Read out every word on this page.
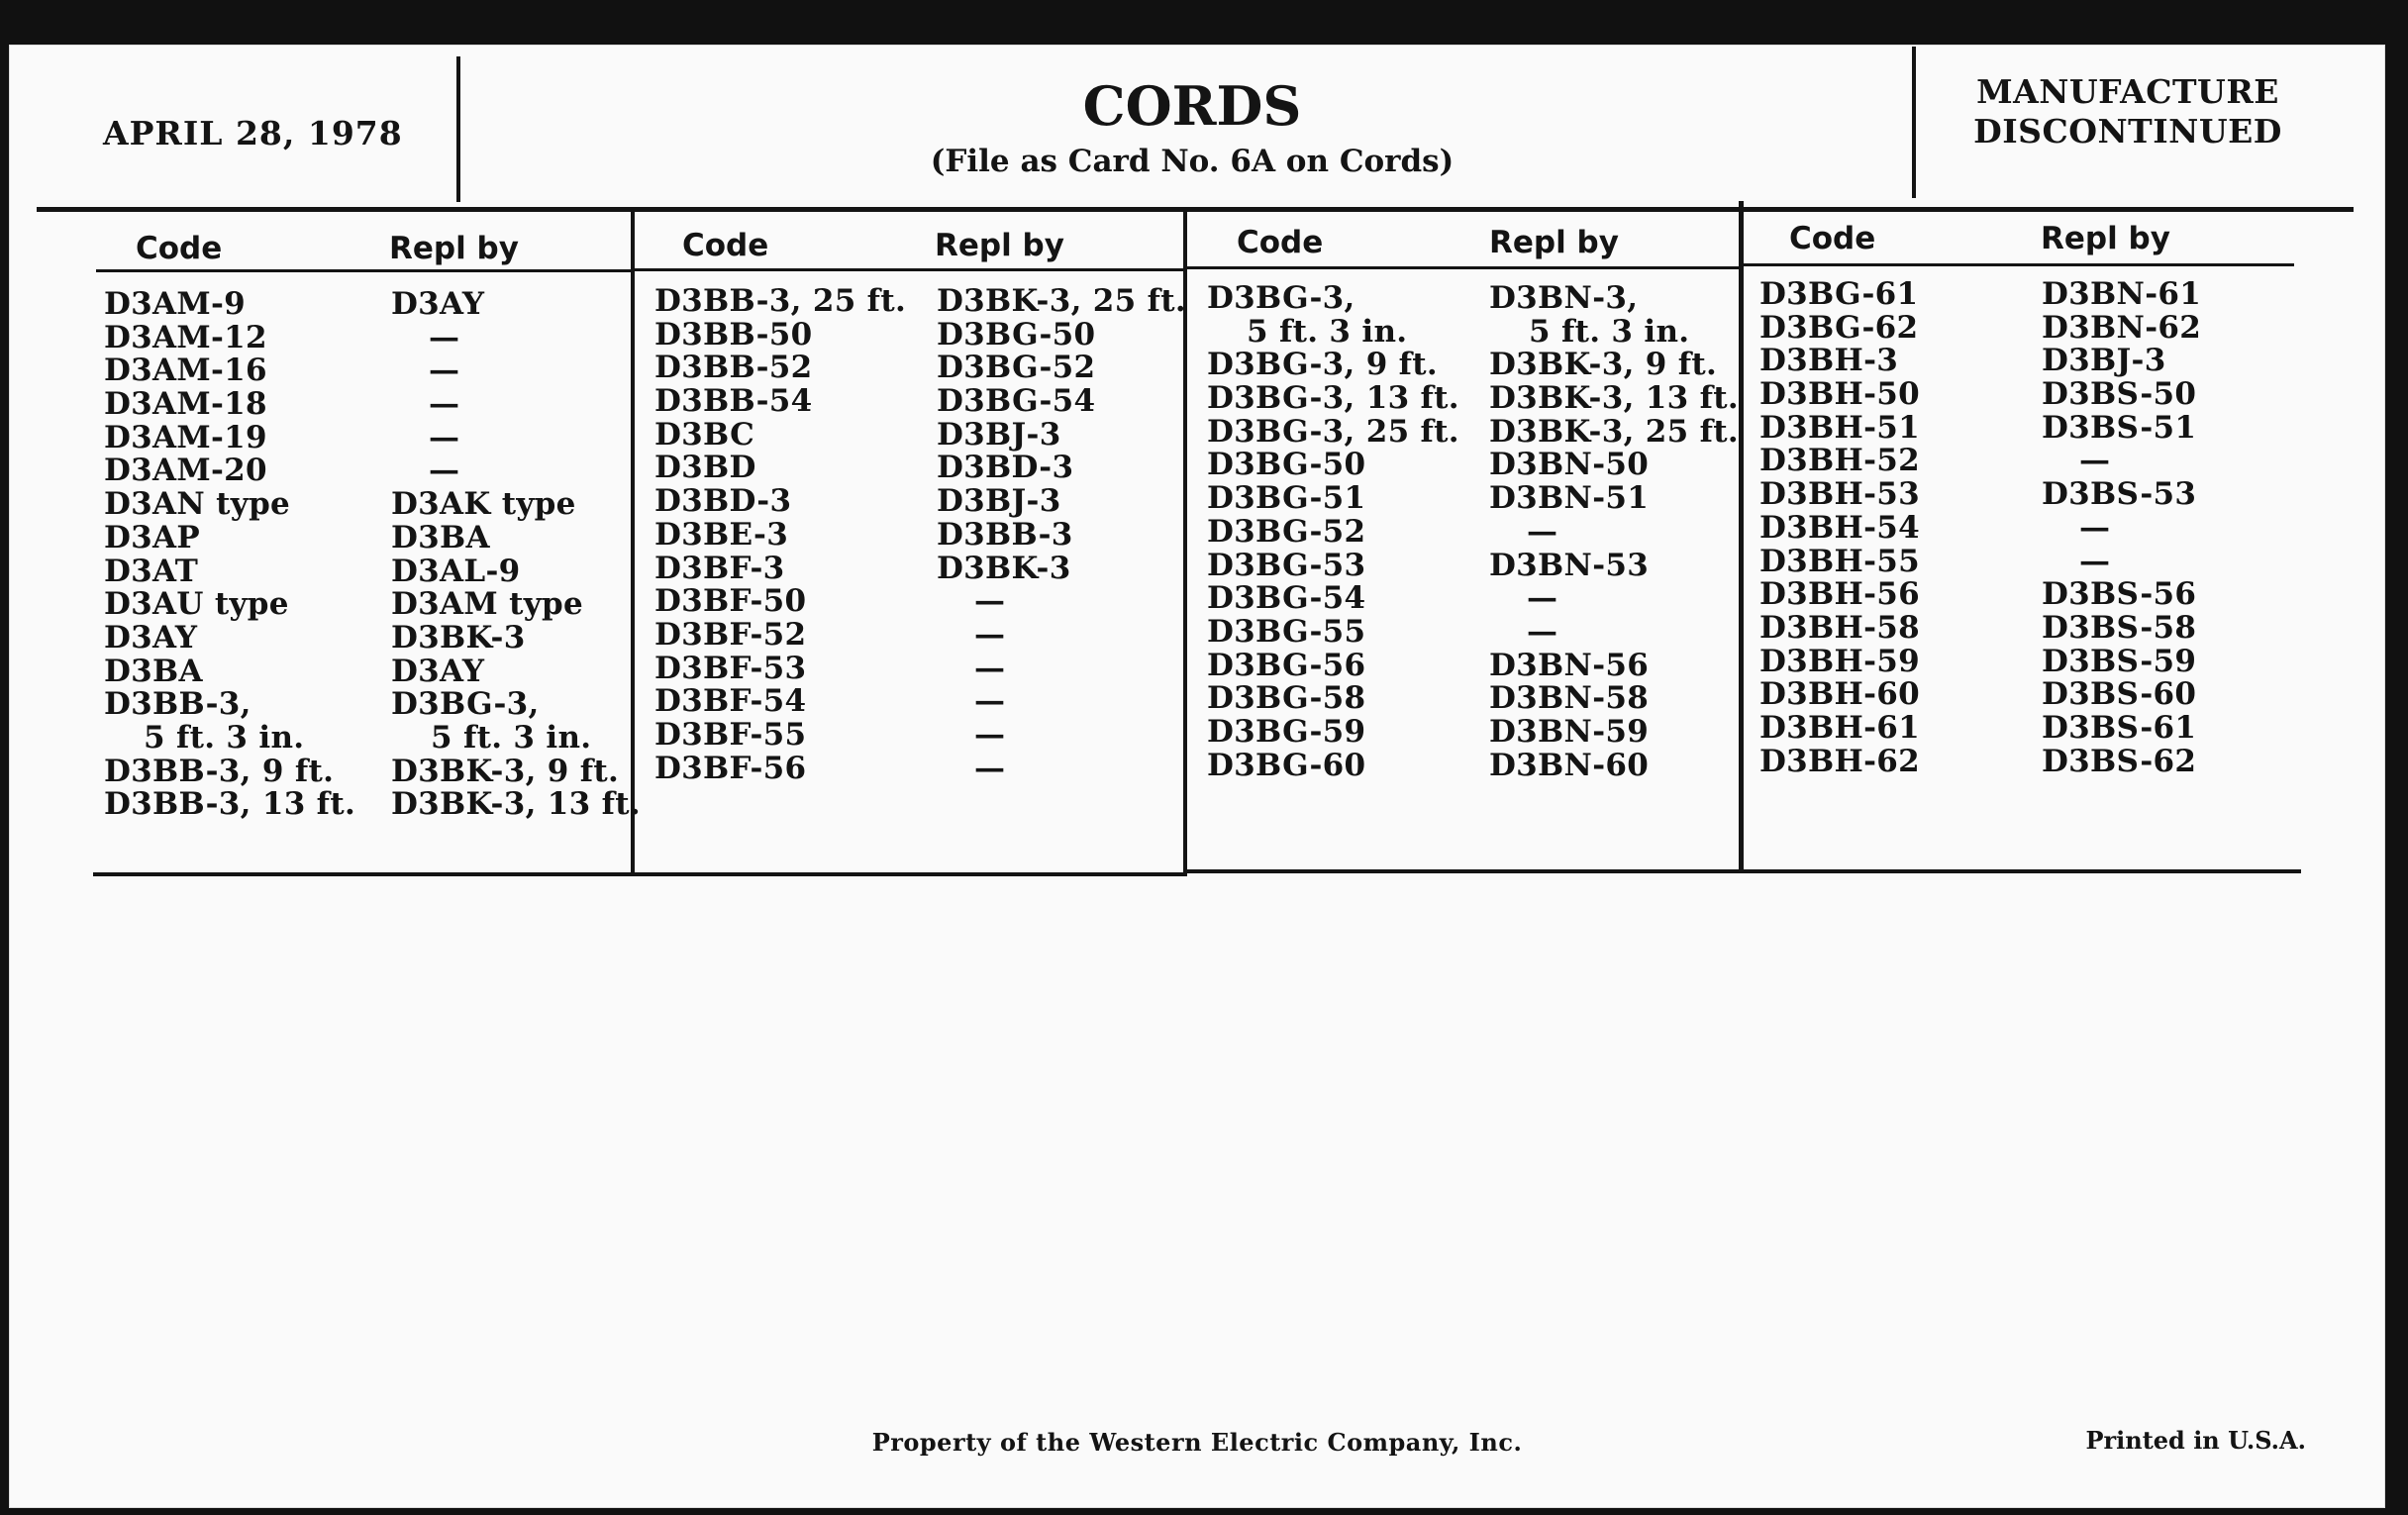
APRIL 28, 1978	CORDS
(File as Card No. 6A on Cords)
MANUFACTURE
DISCONTINUED
Code	Repl by	Code	Repl by	Code	Repl by	Code	Repl by
D3AM-9	D3AY
D3AM-12	—
D3AM-16	—
D3AM-18	—
D3AM-19	—
D3AM-20	—
D3AN type	D3AK type
D3AP	D3BA
D3AT	D3AL-9
D3AU type	D3AM type
D3AY	D3BK-3
D3BA	D3AY
D3BB-3,	D3BG-3,
5 ft. 3 in.	5 ft. 3 in.
D3BB-3, 9 ft. D3BK-3, 9 ft.
D3BB-3, 13 ft. D3BK-3, 13 ft.
D3BB-3, 25 ft. D3BK-3, 25 ft.
D3BB-50	D3BG-50
D3BB-52	D3BG-52
D3BB-54	D3BG-54
D3BC	D3BJ-3
D3BD	D3BD-3
D3BD-3	D3BJ-3
D3BE-3	D3BB-3
D3BF-3	D3BK-3
D3BF-50	—
D3BF-52	—
D3BF-53	—
D3BF-54	—
D3BF-55	—
D3BF-56	—
D3BG-3,	D3BN-3,
5 ft. 3 in.	5 ft. 3 in.
D3BG-3, 9 ft. D3BK-3, 9 ft.
D3BG-3, 13 ft. D3BK-3, 13 ft.
D3BG-3, 25 ft. D3BK-3, 25 ft.
D3BG-50	D3BN-50
D3BG-51	D3BN-51
D3BG-52	—
D3BG-53	D3BN-53
D3BG-54	—
D3BG-55	—
D3BG-56	D3BN-56
D3BG-58	D3BN-58
D3BG-59	D3BN-59
D3BG-60	D3BN-60
D3BG-61	D3BN-61
D3BG-62	D3BN-62
D3BH-3	D3BJ-3
D3BH-50	D3BS-50
D3BH-51	D3BS-51
D3BH-52	—
D3BH-53	D3BS-53
D3BH-54	—
D3BH-55	—
D3BH-56	D3BS-56
D3BH-58	D3BS-58
D3BH-59	D3BS-59
D3BH-60	D3BS-60
D3BH-61	D3BS-61
D3BH-62	D3BS-62
Property of the Western Electric Company, Inc.	Printed in U.S.A.
